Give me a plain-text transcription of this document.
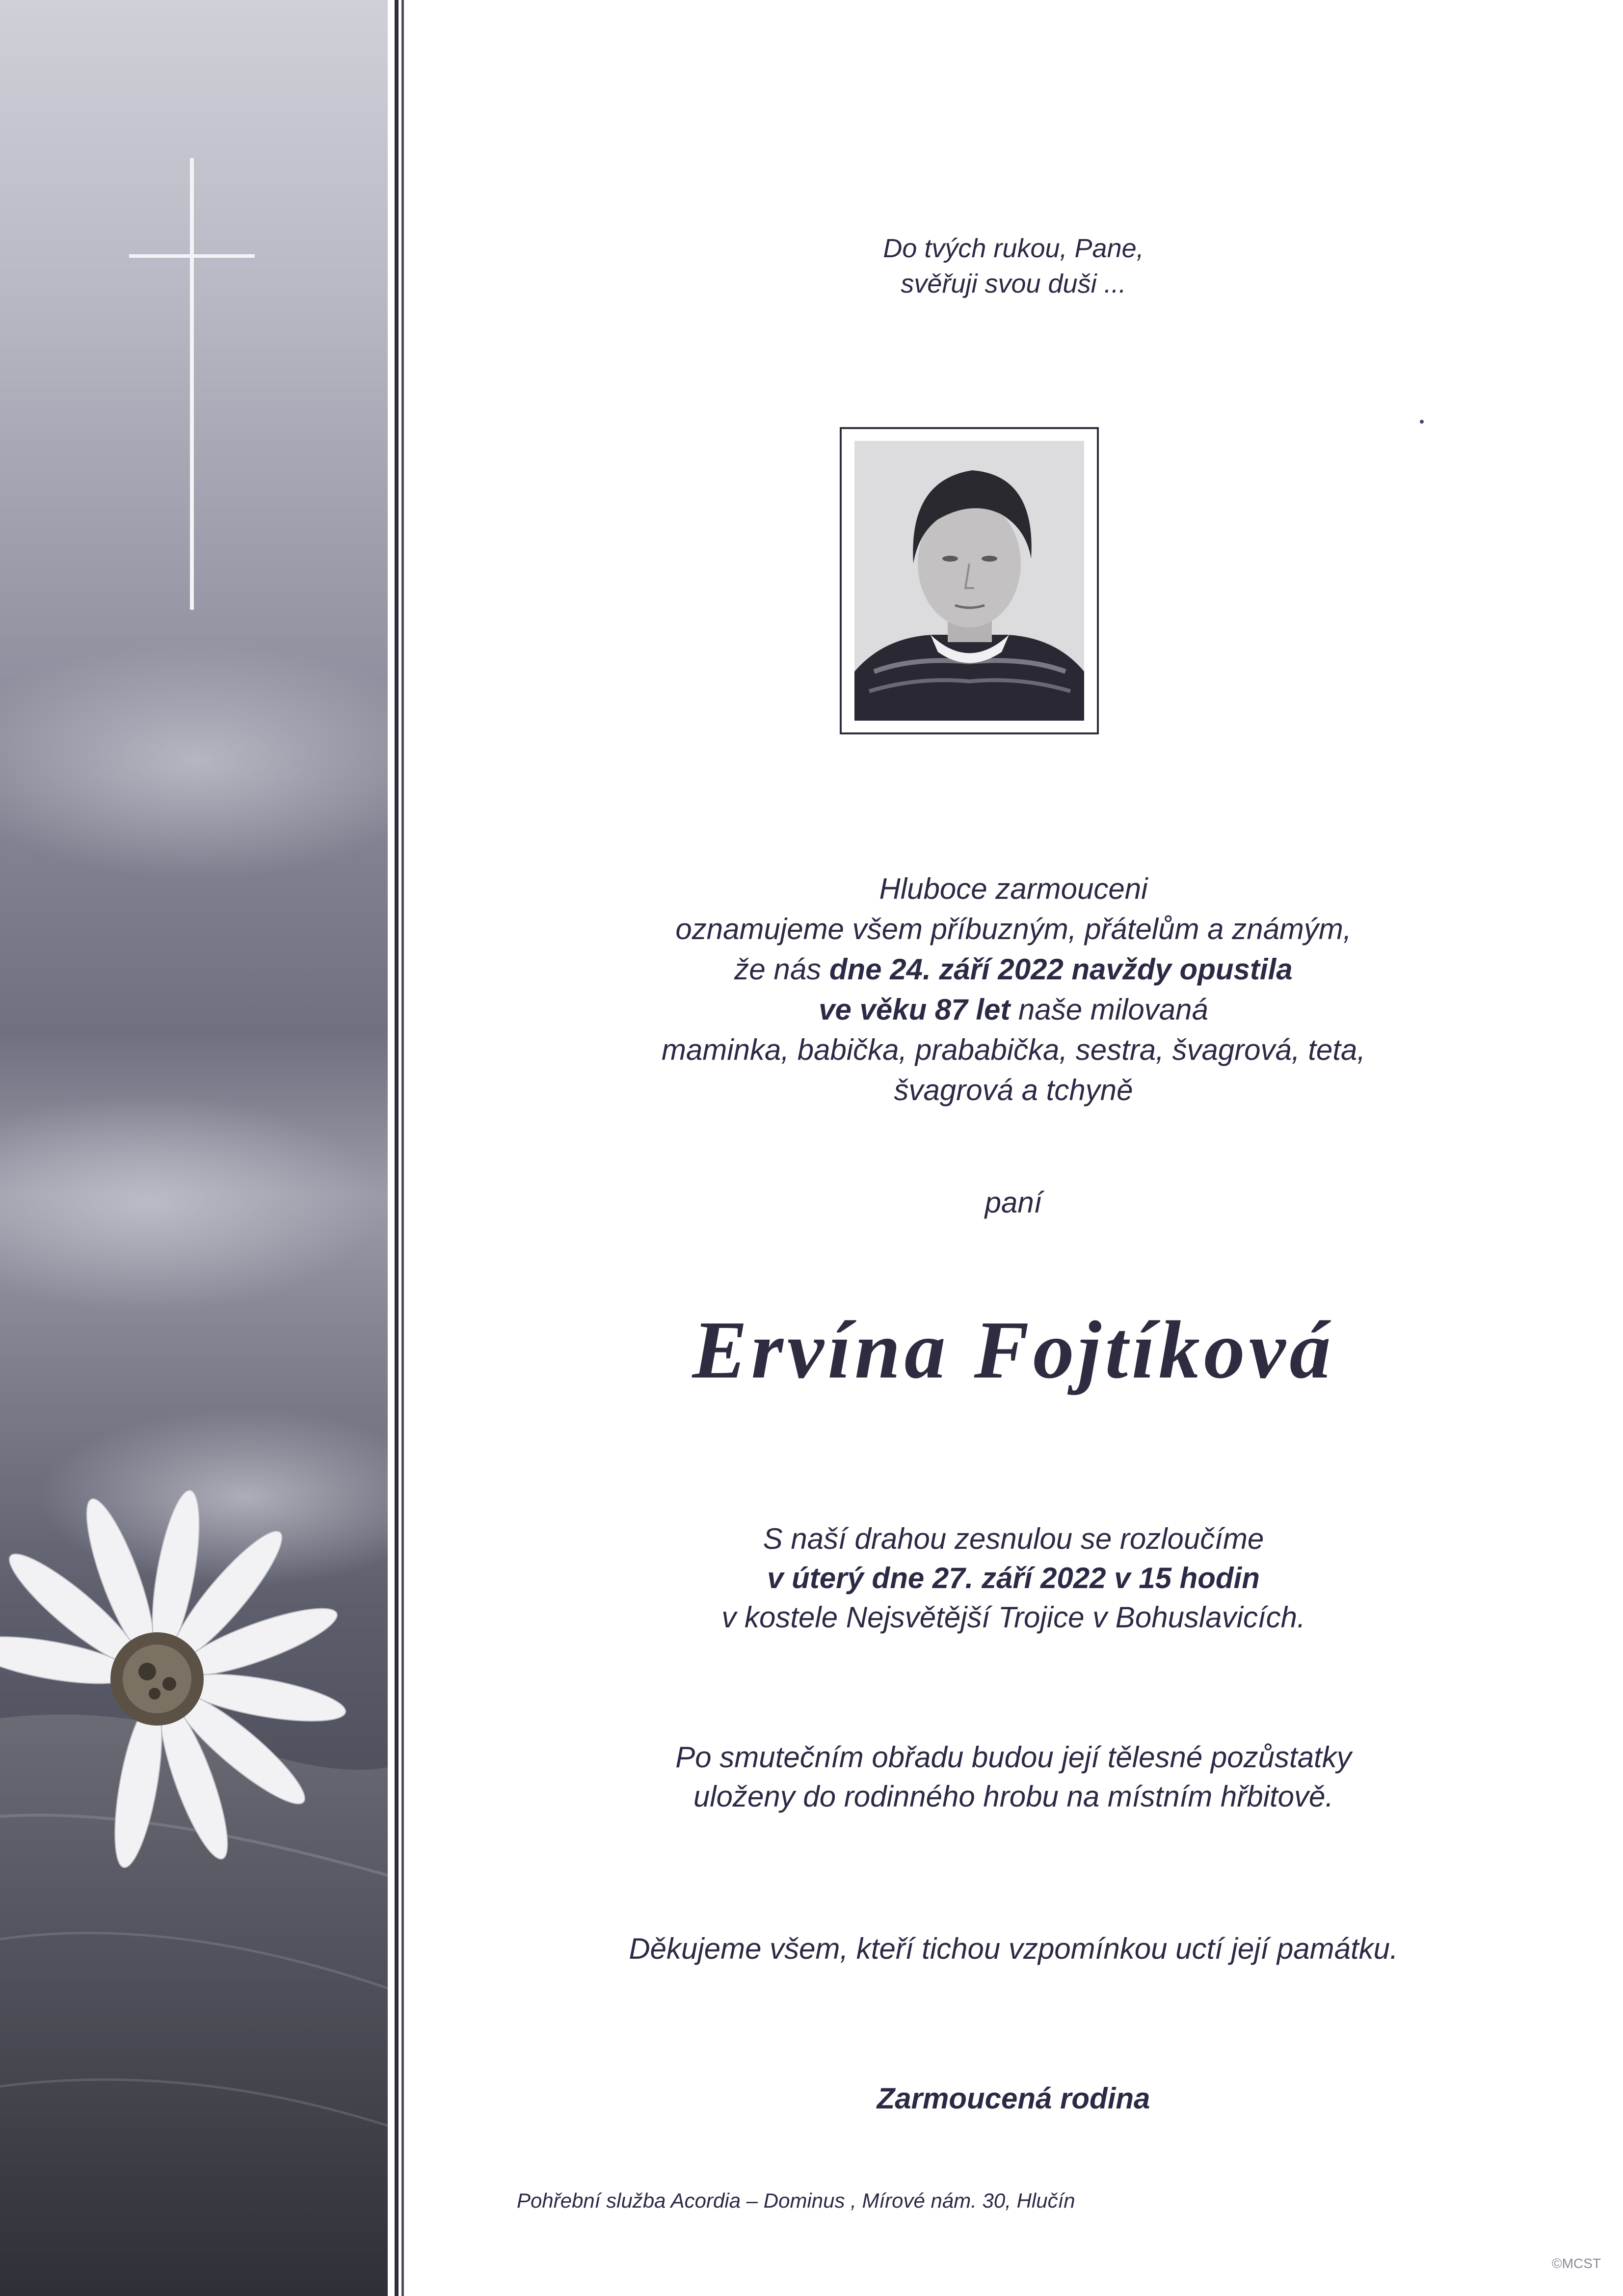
Do tvých rukou, Pane,
svěřuji svou duši ...
Hluboce zarmouceni
oznamujeme všem příbuzným, přátelům a známým,
že nás dne 24. září 2022 navždy opustila
ve věku 87 let naše milovaná
maminka, babička, prababička, sestra, švagrová, teta,
švagrová a tchyně
paní
Ervína Fojtíková
S naší drahou zesnulou se rozloučíme
v úterý dne 27. září 2022 v 15 hodin
v kostele Nejsvětější Trojice v Bohuslavicích.
Po smutečním obřadu budou její tělesné pozůstatky
uloženy do rodinného hrobu na místním hřbitově.
Děkujeme všem, kteří tichou vzpomínkou uctí její památku.
Zarmoucená rodina
Pohřební služba Acordia – Dominus , Mírové nám. 30, Hlučín
©MCST
